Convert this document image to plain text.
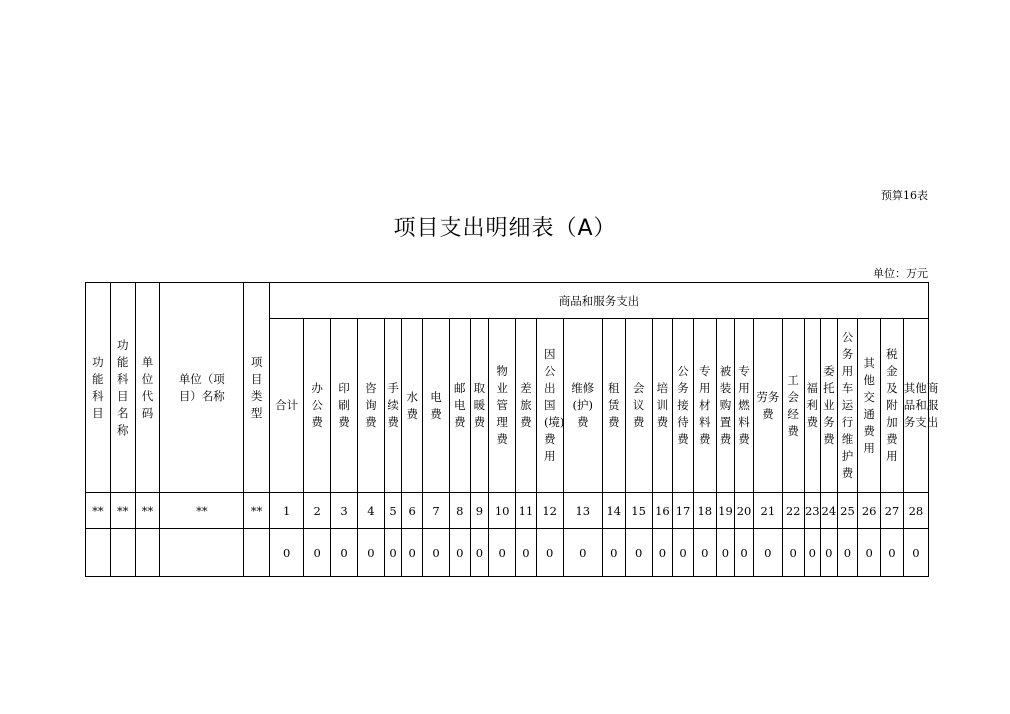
预算16表
项目支出明细表（A）
单位：万元
功能科目	功能科目名称	单位代码	单位（项目）名称	项目类型	商品和服务支出																											
					合计	办公费	印刷费	咨询费	手续费	水费	电费	邮电费	取暖费	物业管理费	差旅费	因公出国(境)费用	维修(护)费	租赁费	会议费	培训费	公务接待费	专用材料费	被装购置费	专用燃料费	劳务费	工会经费	福利费	委托业务费	公务用车运行维护费	其他交通费用	税金及附加费用	其他商品和服务支出
**	**	**	**	**	1	2	3	4	5	6	7	8	9	10	11	12	13	14	15	16	17	18	19	20	21	22	23	24	25	26	27	28
					0	0	0	0	0	0	0	0	0	0	0	0	0	0	0	0	0	0	0	0	0	0	0	0	0	0	0	0
